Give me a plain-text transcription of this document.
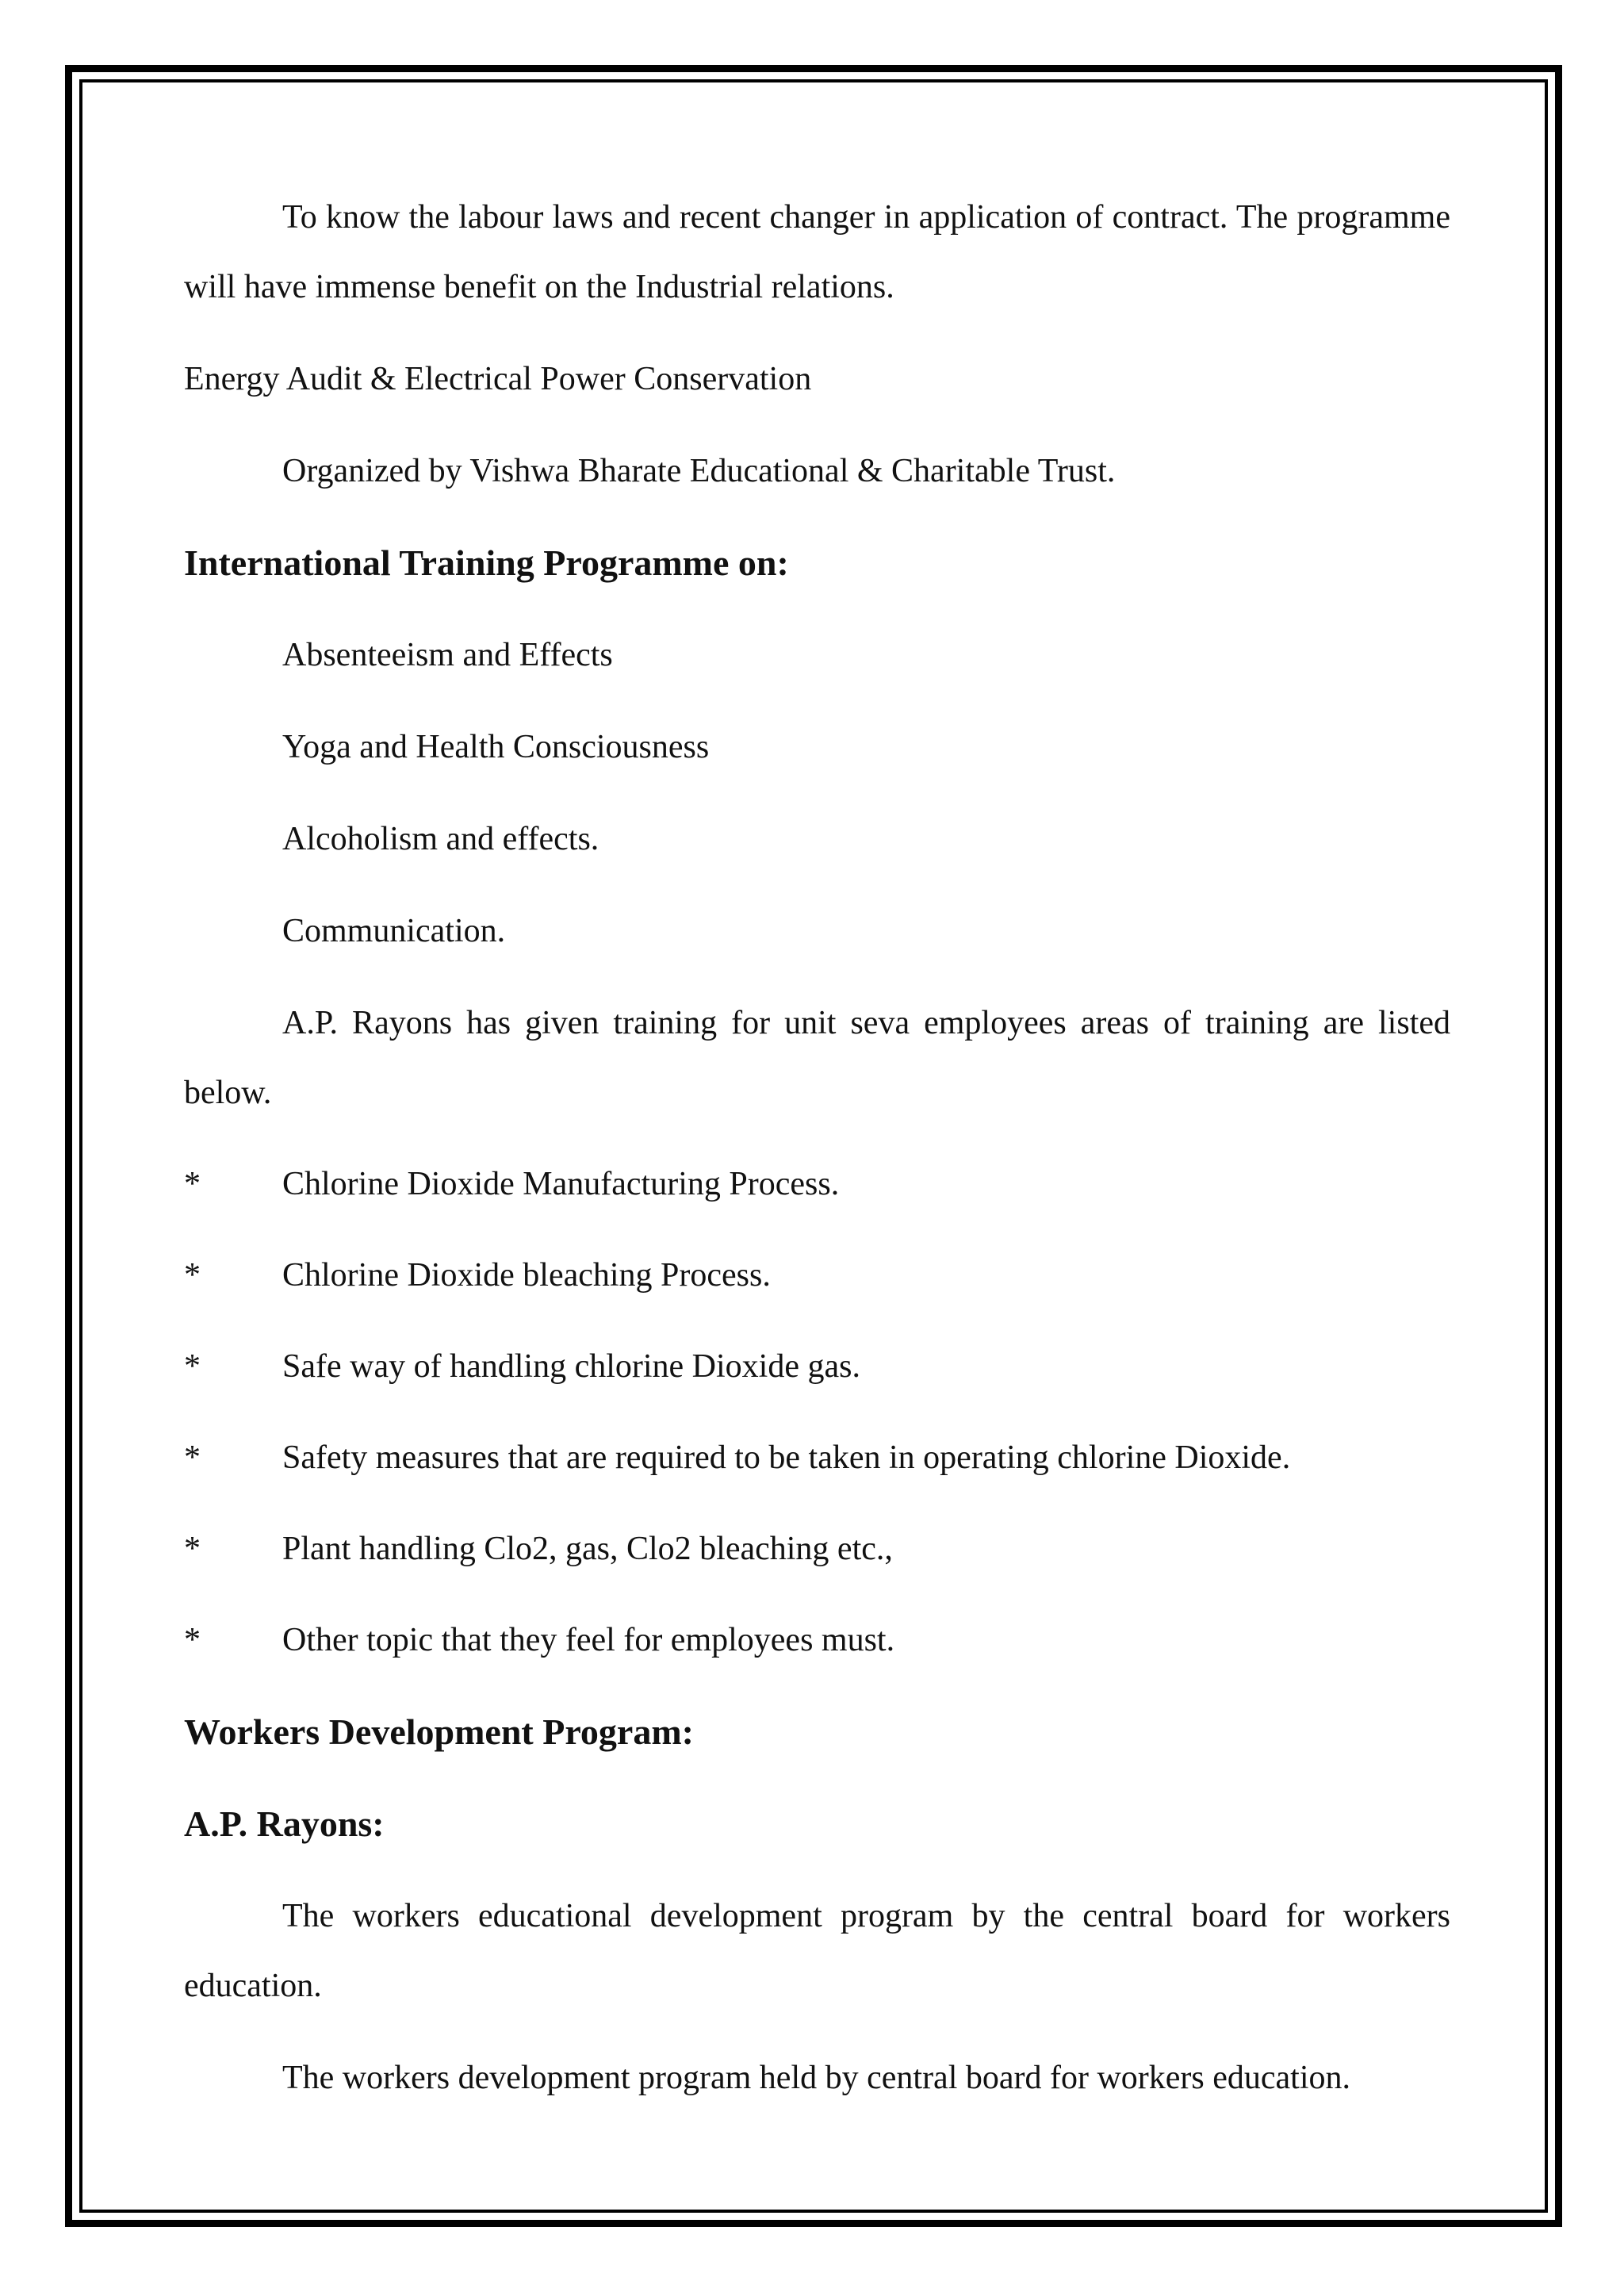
To know the labour laws and recent changer in application of contract. The programme will have immense benefit on the Industrial relations.

Energy Audit & Electrical Power Conservation

Organized by Vishwa Bharate Educational & Charitable Trust.

International Training Programme on:

Absenteeism and Effects

Yoga and Health Consciousness

Alcoholism and effects.

Communication.

A.P. Rayons has given training for unit seva employees areas of training are listed below.

*	Chlorine Dioxide Manufacturing Process.
*	Chlorine Dioxide bleaching Process.
*	Safe way of handling chlorine Dioxide gas.
*	Safety measures that are required to be taken in operating chlorine Dioxide.
*	Plant handling Clo2, gas, Clo2 bleaching etc.,
*	Other topic that they feel for employees must.

Workers Development Program:

A.P. Rayons:

The workers educational development program by the central board for workers education.

The workers development program held by central board for workers education.
